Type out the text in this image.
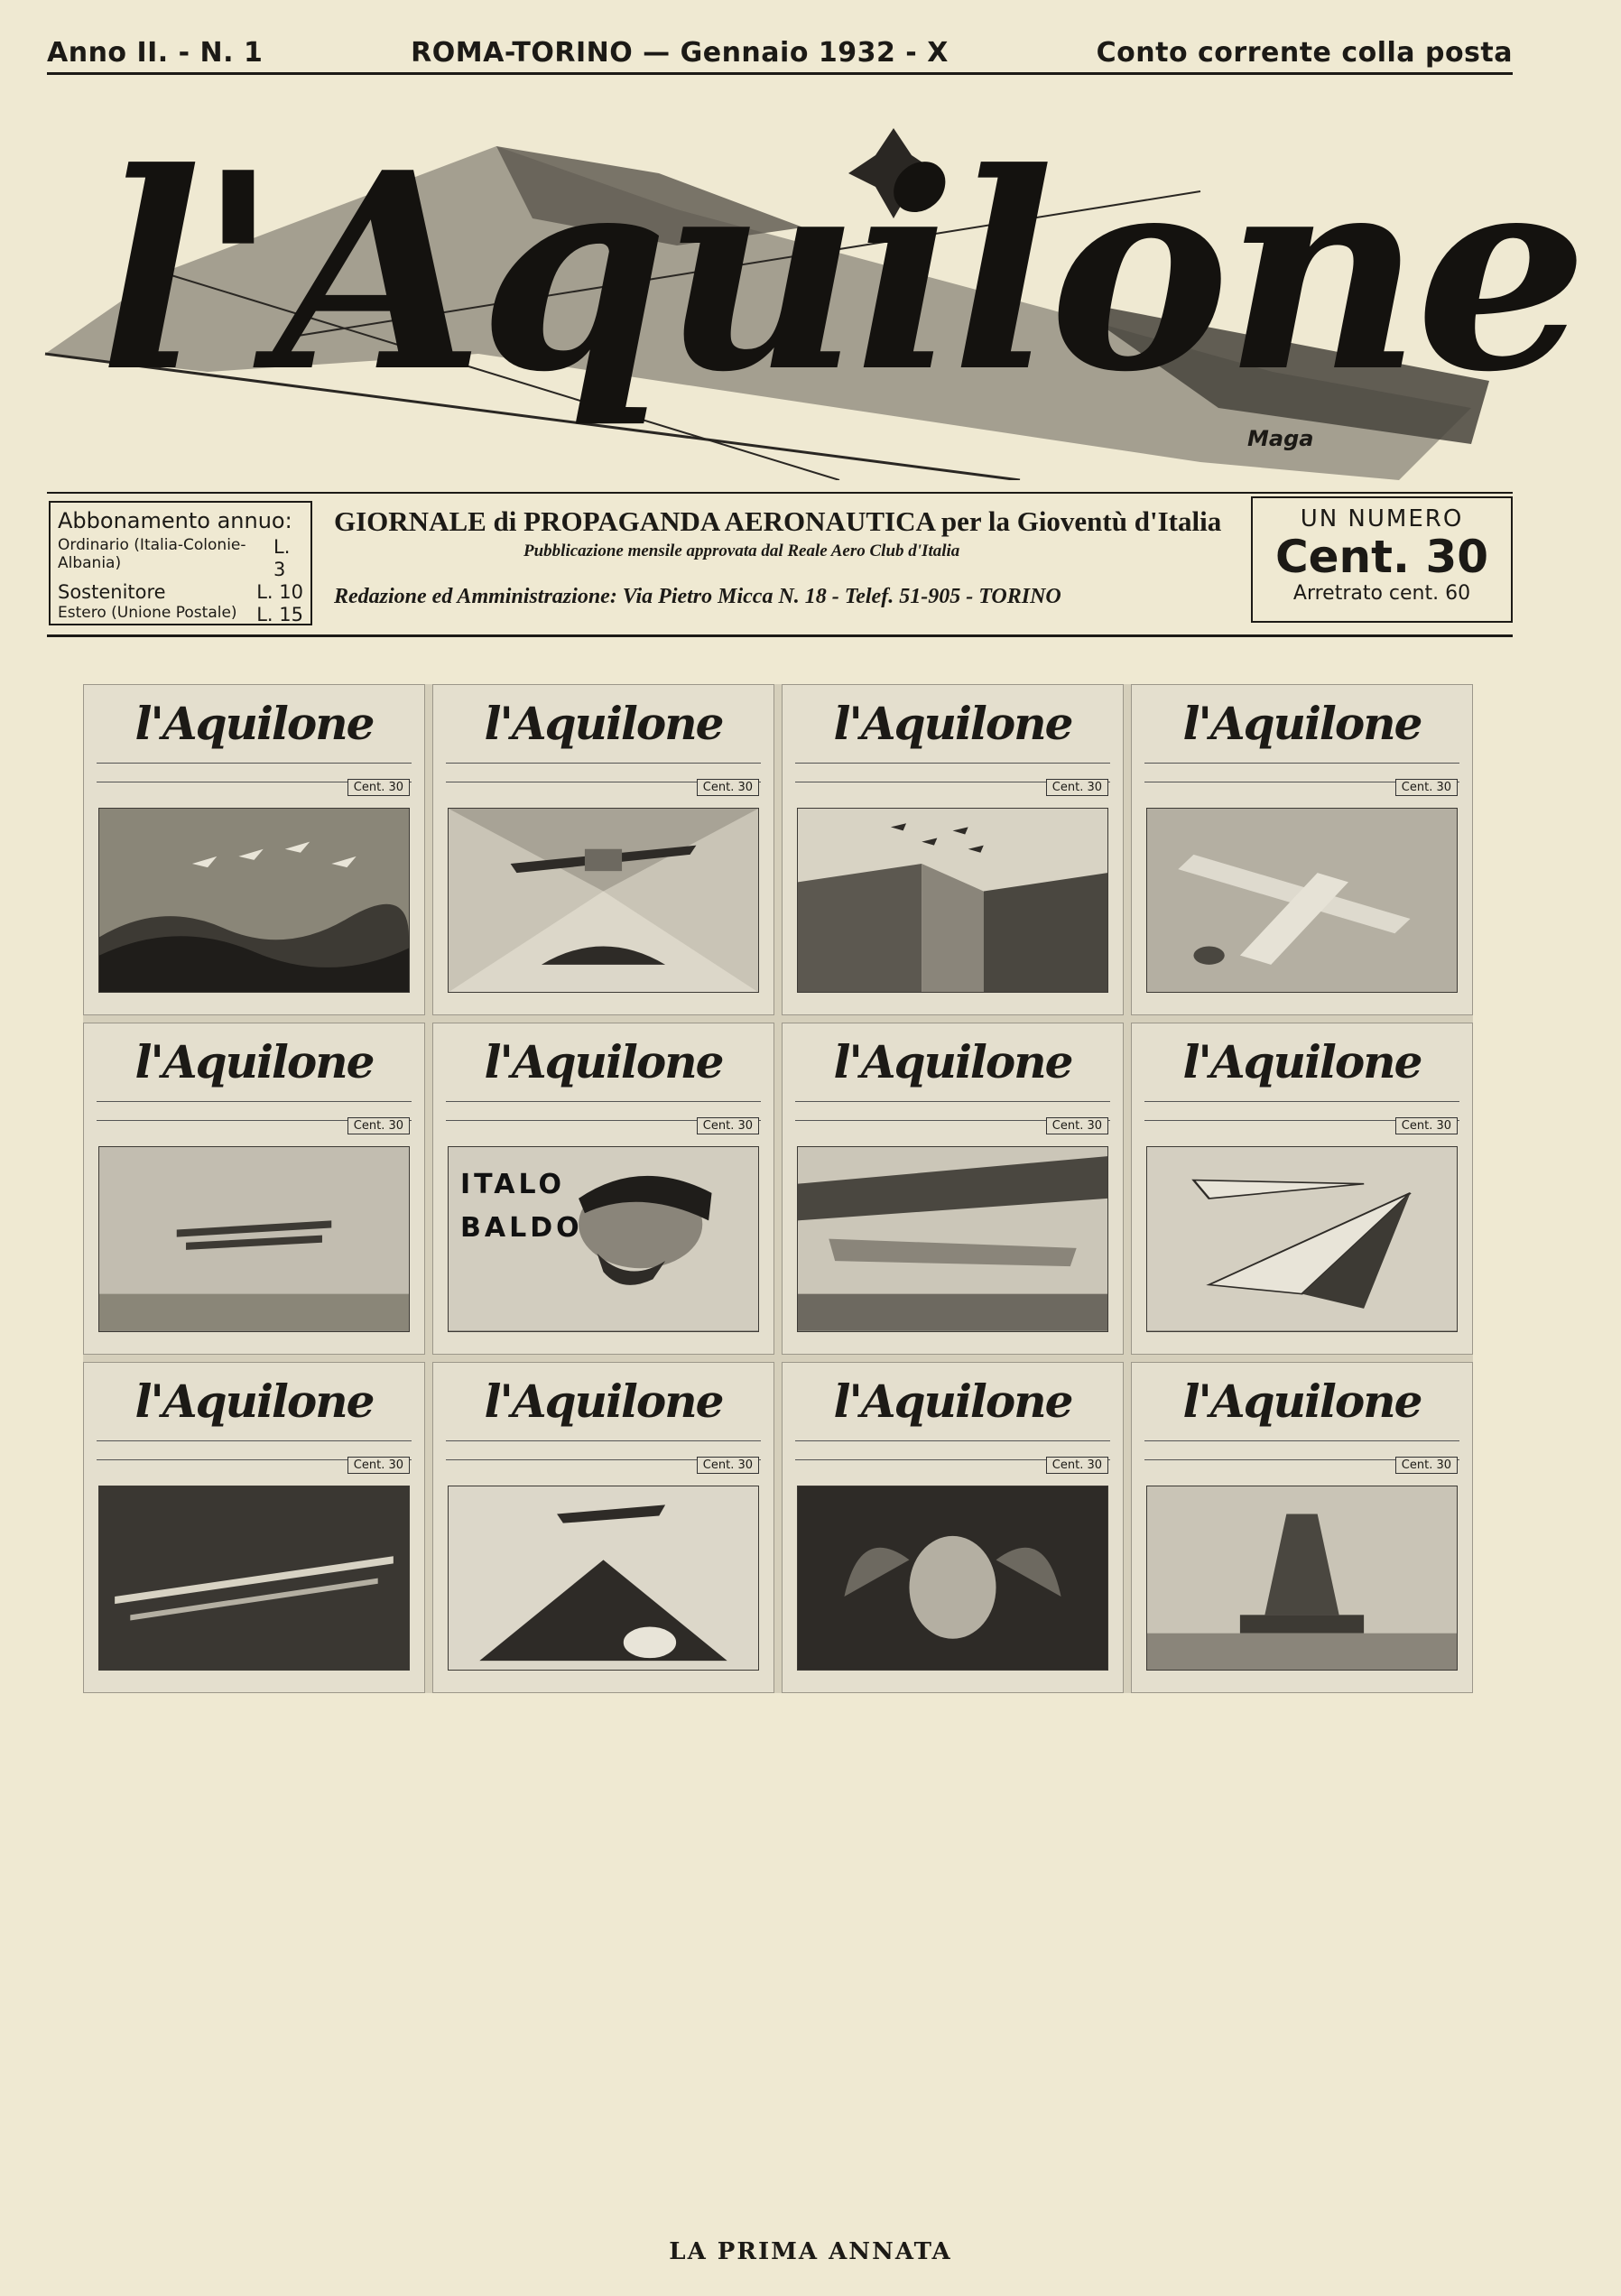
Anno II. - N. 1	ROMA-TORINO — Gennaio 1932 - X	Conto corrente colla posta
l'Aquilone
Maga
Abbonamento annuo:
Ordinario (Italia-Colonie-Albania)
L. 3
Sostenitore	L. 10
Estero (Unione Postale) L. 15
GIORNALE di PROPAGANDA AERONAUTICA per la Gioventù d'Italia
Pubblicazione mensile approvata dal Reale Aero Club d'Italia
Redazione ed Amministrazione: Via Pietro Micca N. 18 - Telef. 51-905 - TORINO
UN NUMERO
Cent. 30
Arretrato cent. 60
l'Aquilone
Cent. 30
l'Aquilone
Cent. 30
l'Aquilone
Cent. 30
l'Aquilone
Cent. 30
l'Aquilone
Cent. 30
l'Aquilone
Cent. 30
ITALO
BALDO
l'Aquilone
Cent. 30
l'Aquilone
Cent. 30
l'Aquilone
Cent. 30
l'Aquilone
Cent. 30
l'Aquilone
Cent. 30
l'Aquilone
Cent. 30
LA PRIMA ANNATA
